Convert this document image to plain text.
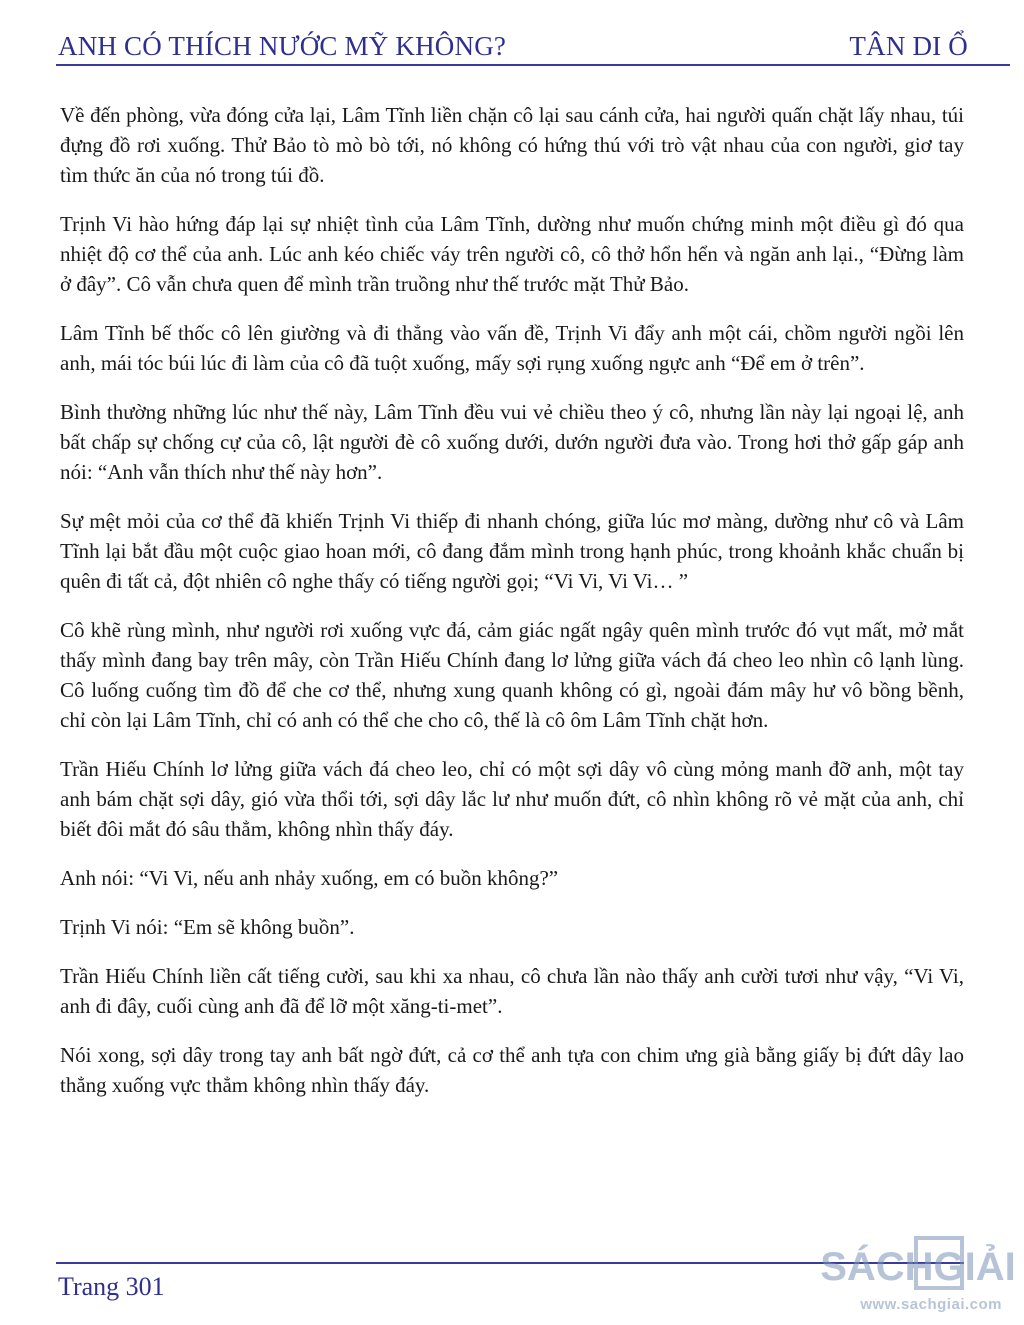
ANH CÓ THÍCH NƯỚC MỸ KHÔNG?	TÂN DI Ổ

Về đến phòng, vừa đóng cửa lại, Lâm Tĩnh liền chặn cô lại sau cánh cửa, hai người quấn chặt lấy nhau, túi đựng đồ rơi xuống. Thử Bảo tò mò bò tới, nó không có hứng thú với trò vật nhau của con người, giơ tay tìm thức ăn của nó trong túi đồ.

Trịnh Vi hào hứng đáp lại sự nhiệt tình của Lâm Tĩnh, dường như muốn chứng minh một điều gì đó qua nhiệt độ cơ thể của anh. Lúc anh kéo chiếc váy trên người cô, cô thở hổn hển và ngăn anh lại., “Đừng làm ở đây”. Cô vẫn chưa quen để mình trần truồng như thế trước mặt Thử Bảo.

Lâm Tĩnh bế thốc cô lên giường và đi thẳng vào vấn đề, Trịnh Vi đẩy anh một cái, chồm người ngồi lên anh, mái tóc búi lúc đi làm của cô đã tuột xuống, mấy sợi rụng xuống ngực anh “Để em ở trên”.

Bình thường những lúc như thế này, Lâm Tĩnh đều vui vẻ chiều theo ý cô, nhưng lần này lại ngoại lệ, anh bất chấp sự chống cự của cô, lật người đè cô xuống dưới, dướn người đưa vào. Trong hơi thở gấp gáp anh nói: “Anh vẫn thích như thế này hơn”.

Sự mệt mỏi của cơ thể đã khiến Trịnh Vi thiếp đi nhanh chóng, giữa lúc mơ màng, dường như cô và Lâm Tĩnh lại bắt đầu một cuộc giao hoan mới, cô đang đắm mình trong hạnh phúc, trong khoảnh khắc chuẩn bị quên đi tất cả, đột nhiên cô nghe thấy có tiếng người gọi; “Vi Vi, Vi Vi… ”

Cô khẽ rùng mình, như người rơi xuống vực đá, cảm giác ngất ngây quên mình trước đó vụt mất, mở mắt thấy mình đang bay trên mây, còn Trần Hiếu Chính đang lơ lửng giữa vách đá cheo leo nhìn cô lạnh lùng. Cô luống cuống tìm đồ để che cơ thể, nhưng xung quanh không có gì, ngoài đám mây hư vô bồng bềnh, chỉ còn lại Lâm Tĩnh, chỉ có anh có thể che cho cô, thế là cô ôm Lâm Tĩnh chặt hơn.

Trần Hiếu Chính lơ lửng giữa vách đá cheo leo, chỉ có một sợi dây vô cùng mỏng manh đỡ anh, một tay anh bám chặt sợi dây, gió vừa thổi tới, sợi dây lắc lư như muốn đứt, cô nhìn không rõ vẻ mặt của anh, chỉ biết đôi mắt đó sâu thẳm, không nhìn thấy đáy.

Anh nói: “Vi Vi, nếu anh nhảy xuống, em có buồn không?”

Trịnh Vi nói: “Em sẽ không buồn”.

Trần Hiếu Chính liền cất tiếng cười, sau khi xa nhau, cô chưa lần nào thấy anh cười tươi như vậy, “Vi Vi, anh đi đây, cuối cùng anh đã để lỡ một xăng-ti-met”.

Nói xong, sợi dây trong tay anh bất ngờ đứt, cả cơ thể anh tựa con chim ưng già bằng giấy bị đứt dây lao thẳng xuống vực thẳm không nhìn thấy đáy.

Trang 301	SÁCHGIẢI
www.sachgiai.com
